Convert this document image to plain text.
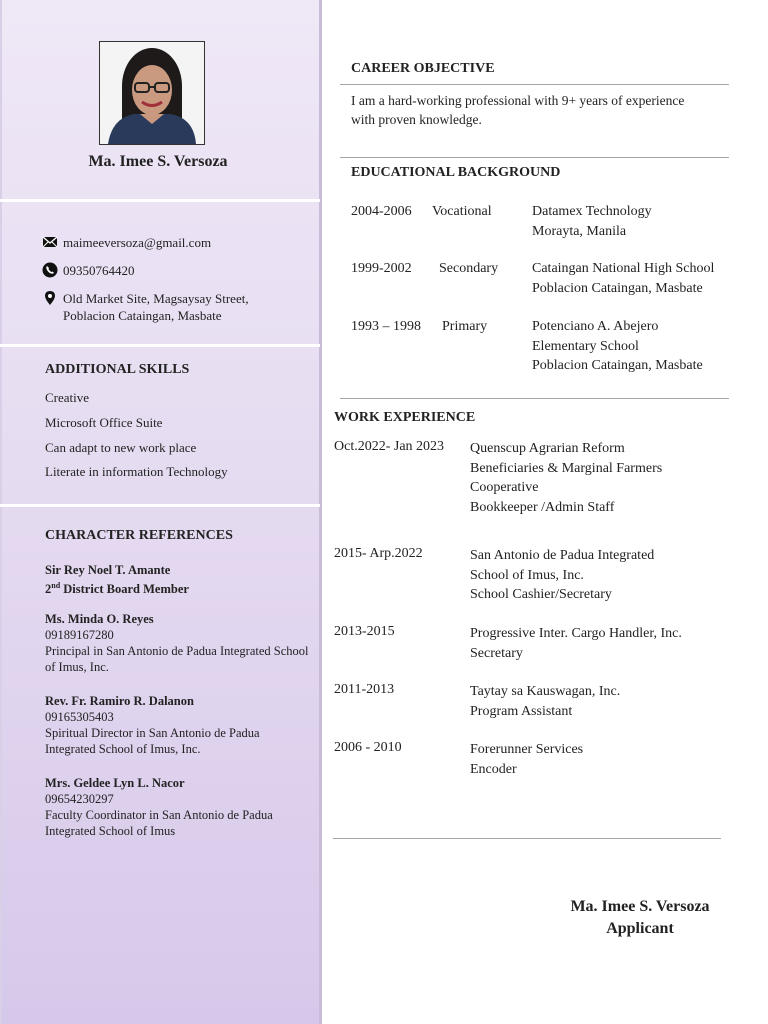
Ma. Imee S. Versoza
maimeeversoza@gmail.com
09350764420
Old Market Site, Magsaysay Street,
Poblacion Cataingan, Masbate
ADDITIONAL SKILLS
Creative
Microsoft Office Suite
Can adapt to new work place
Literate in information Technology
CHARACTER REFERENCES
Sir Rey Noel T. Amante
2nd District Board Member
Ms. Minda O. Reyes
09189167280
Principal in San Antonio de Padua Integrated School of Imus, Inc.
Rev. Fr. Ramiro R. Dalanon
09165305403
Spiritual Director in San Antonio de Padua Integrated School of Imus, Inc.
Mrs. Geldee Lyn L. Nacor
09654230297
Faculty Coordinator in San Antonio de Padua Integrated School of Imus
CAREER OBJECTIVE
I am a hard-working professional with 9+ years of experience
with proven knowledge.
EDUCATIONAL BACKGROUND
2004-2006 Vocational	Datamex Technology
Morayta, Manila
1999-2002 Secondary Cataingan National High School
Poblacion Cataingan, Masbate
1993 – 1998 Primary	Potenciano A. Abejero
Elementary School
Poblacion Cataingan, Masbate
WORK EXPERIENCE
Oct.2022- Jan 2023 Quenscup Agrarian Reform
Beneficiaries & Marginal Farmers
Cooperative
Bookkeeper /Admin Staff
2015- Arp.2022	San Antonio de Padua Integrated
School of Imus, Inc.
School Cashier/Secretary
2013-2015	Progressive Inter. Cargo Handler, Inc.
Secretary
2011-2013	Taytay sa Kauswagan, Inc.
Program Assistant
2006 - 2010	Forerunner Services
Encoder
Ma. Imee S. Versoza
Applicant
